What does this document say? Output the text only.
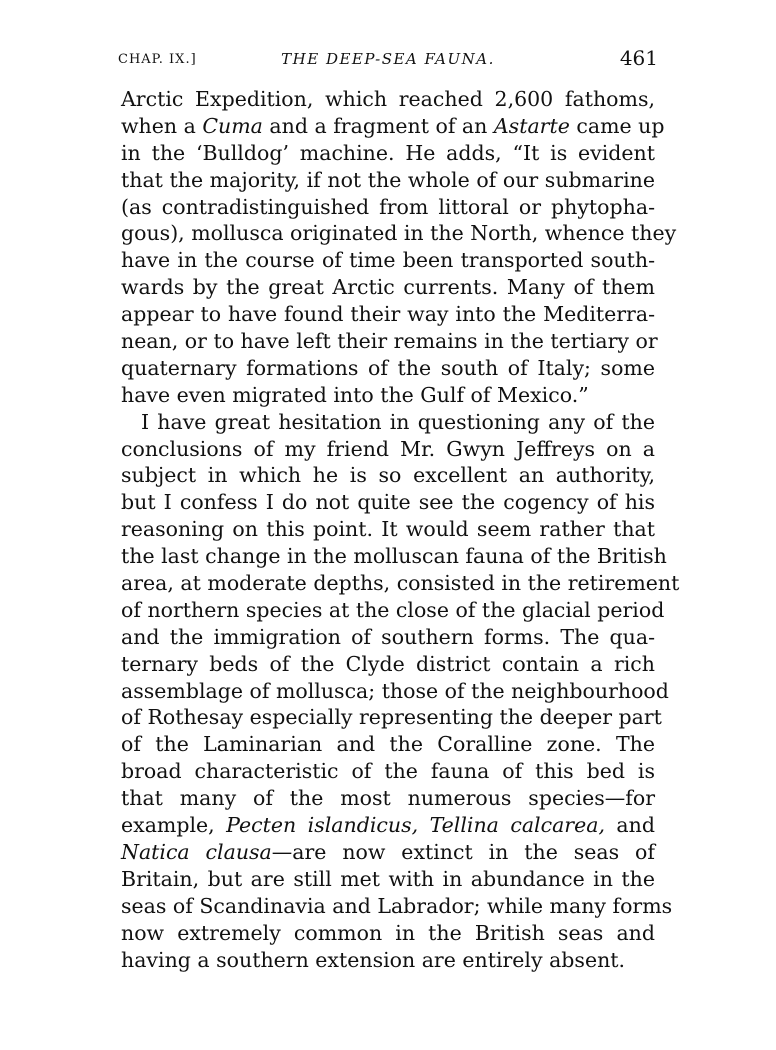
CHAP. IX.]	THE DEEP-SEA FAUNA.	461
Arctic Expedition, which reached 2,600 fathoms,
when a Cuma and a fragment of an Astarte came up
in the ‘Bulldog’ machine. He adds, “It is evident
that the majority, if not the whole of our submarine
(as contradistinguished from littoral or phytopha-
gous), mollusca originated in the North, whence they
have in the course of time been transported south-
wards by the great Arctic currents. Many of them
appear to have found their way into the Mediterra-
nean, or to have left their remains in the tertiary or
quaternary formations of the south of Italy; some
have even migrated into the Gulf of Mexico.”
I have great hesitation in questioning any of the
conclusions of my friend Mr. Gwyn Jeffreys on a
subject in which he is so excellent an authority,
but I confess I do not quite see the cogency of his
reasoning on this point. It would seem rather that
the last change in the molluscan fauna of the British
area, at moderate depths, consisted in the retirement
of northern species at the close of the glacial period
and the immigration of southern forms. The qua-
ternary beds of the Clyde district contain a rich
assemblage of mollusca; those of the neighbourhood
of Rothesay especially representing the deeper part
of the Laminarian and the Coralline zone. The
broad characteristic of the fauna of this bed is
that many of the most numerous species—for
example, Pecten islandicus, Tellina calcarea, and
Natica clausa—are now extinct in the seas of
Britain, but are still met with in abundance in the
seas of Scandinavia and Labrador; while many forms
now extremely common in the British seas and
having a southern extension are entirely absent.
